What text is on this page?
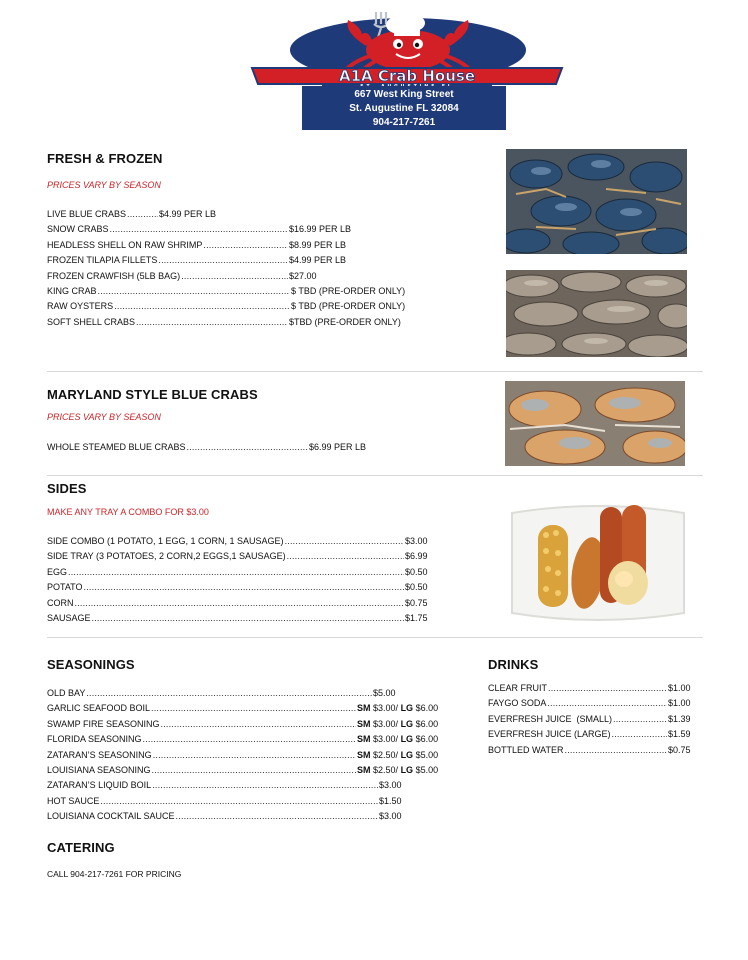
A1A Crab House
667 West King Street
St. Augustine FL 32084
904-217-7261
FRESH & FROZEN
PRICES VARY BY SEASON
LIVE BLUE CRABS .....	$4.99 PER LB
SNOW CRABS .....	$16.99 PER LB
HEADLESS SHELL ON RAW SHRIMP .....	$8.99 PER LB
FROZEN TILAPIA FILLETS .....	$4.99 PER LB
FROZEN CRAWFISH (5LB BAG) .....	$27.00
KING CRAB .....	$ TBD (PRE-ORDER ONLY)
RAW OYSTERS .....	$ TBD (PRE-ORDER ONLY)
SOFT SHELL CRABS .....	$TBD (PRE-ORDER ONLY)
MARYLAND STYLE BLUE CRABS
PRICES VARY BY SEASON
WHOLE STEAMED BLUE CRABS .....	$6.99 PER LB
SIDES
MAKE ANY TRAY A COMBO FOR $3.00
SIDE COMBO (1 POTATO, 1 EGG, 1 CORN, 1 SAUSAGE) .....	$3.00
SIDE TRAY (3 POTATOES, 2 CORN,2 EGGS,1 SAUSAGE) .....	$6.99
EGG .....	$0.50
POTATO .....	$0.50
CORN .....	$0.75
SAUSAGE .....	$1.75
SEASONINGS
OLD BAY .....	$5.00
GARLIC SEAFOOD BOIL .....	SM $3.00/ LG $6.00
SWAMP FIRE SEASONING .....	SM $3.00/ LG $6.00
FLORIDA SEASONING .....	SM $3.00/ LG $6.00
ZATARAN’S SEASONING .....	SM $2.50/ LG $5.00
LOUISIANA SEASONING .....	SM $2.50/ LG $5.00
ZATARAN’S LIQUID BOIL .....	$3.00
HOT SAUCE .....	$1.50
LOUISIANA COCKTAIL SAUCE .....	$3.00
DRINKS
CLEAR FRUIT .....	$1.00
FAYGO SODA .....	$1.00
EVERFRESH JUICE  (SMALL) .....	$1.39
EVERFRESH JUICE (LARGE) .....	$1.59
BOTTLED WATER .....	$0.75
CATERING
CALL 904-217-7261 FOR PRICING
